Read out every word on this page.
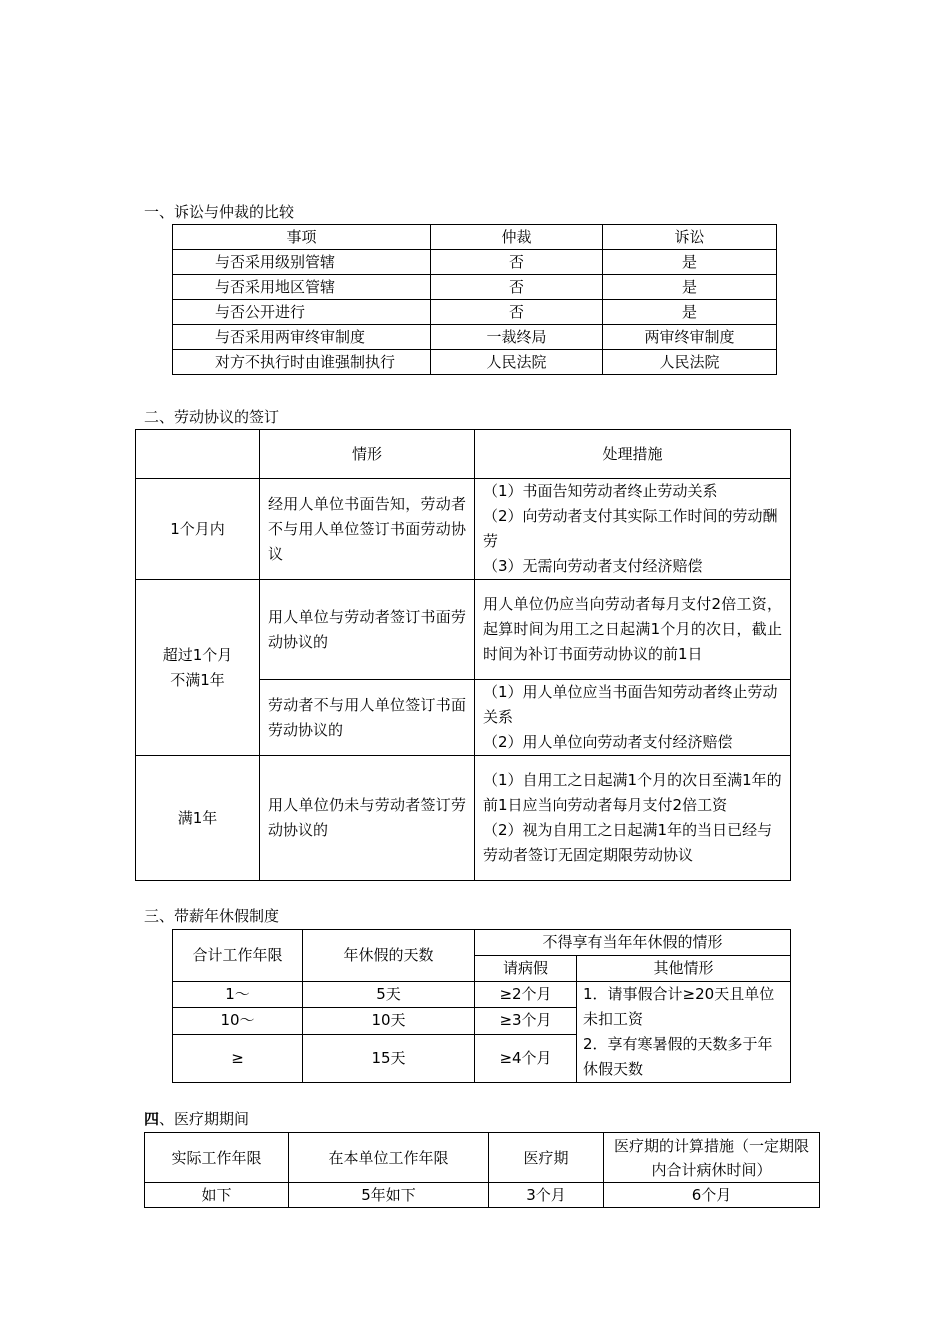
一、诉讼与仲裁的比较
事项	仲裁	诉讼
与否采用级别管辖	否	是
与否采用地区管辖	否	是
与否公开进行	否	是
与否采用两审终审制度	一裁终局	两审终审制度
对方不执行时由谁强制执行	人民法院	人民法院
二、劳动协议的签订
	情形	处理措施
1个月内	经用人单位书面告知，劳动者不与用人单位签订书面劳动协议	（1）书面告知劳动者终止劳动关系
（2）向劳动者支付其实际工作时间的劳动酬劳
（3）无需向劳动者支付经济赔偿

超过1个月
不满1年	用人单位与劳动者签订书面劳动协议的	用人单位仍应当向劳动者每月支付2倍工资，起算时间为用工之日起满1个月的次日，截止时间为补订书面劳动协议的前1日
	劳动者不与用人单位签订书面劳动协议的	（1）用人单位应当书面告知劳动者终止劳动关系
（2）用人单位向劳动者支付经济赔偿

满1年	用人单位仍未与劳动者签订劳动协议的	（1）自用工之日起满1个月的次日至满1年的前1日应当向劳动者每月支付2倍工资
（2）视为自用工之日起满1年的当日已经与劳动者签订无固定期限劳动协议
三、带薪年休假制度
合计工作年限	年休假的天数	不得享有当年年休假的情形	
		请病假	其他情形
1～	5天	≥2个月	1．请事假合计≥20天且单位未扣工资
2．享有寒暑假的天数多于年休假天数

10～	10天	≥3个月	
≥	15天	≥4个月	
四、医疗期期间
实际工作年限	在本单位工作年限	医疗期	医疗期的计算措施（一定期限内合计病休时间）
如下	5年如下	3个月	6个月
